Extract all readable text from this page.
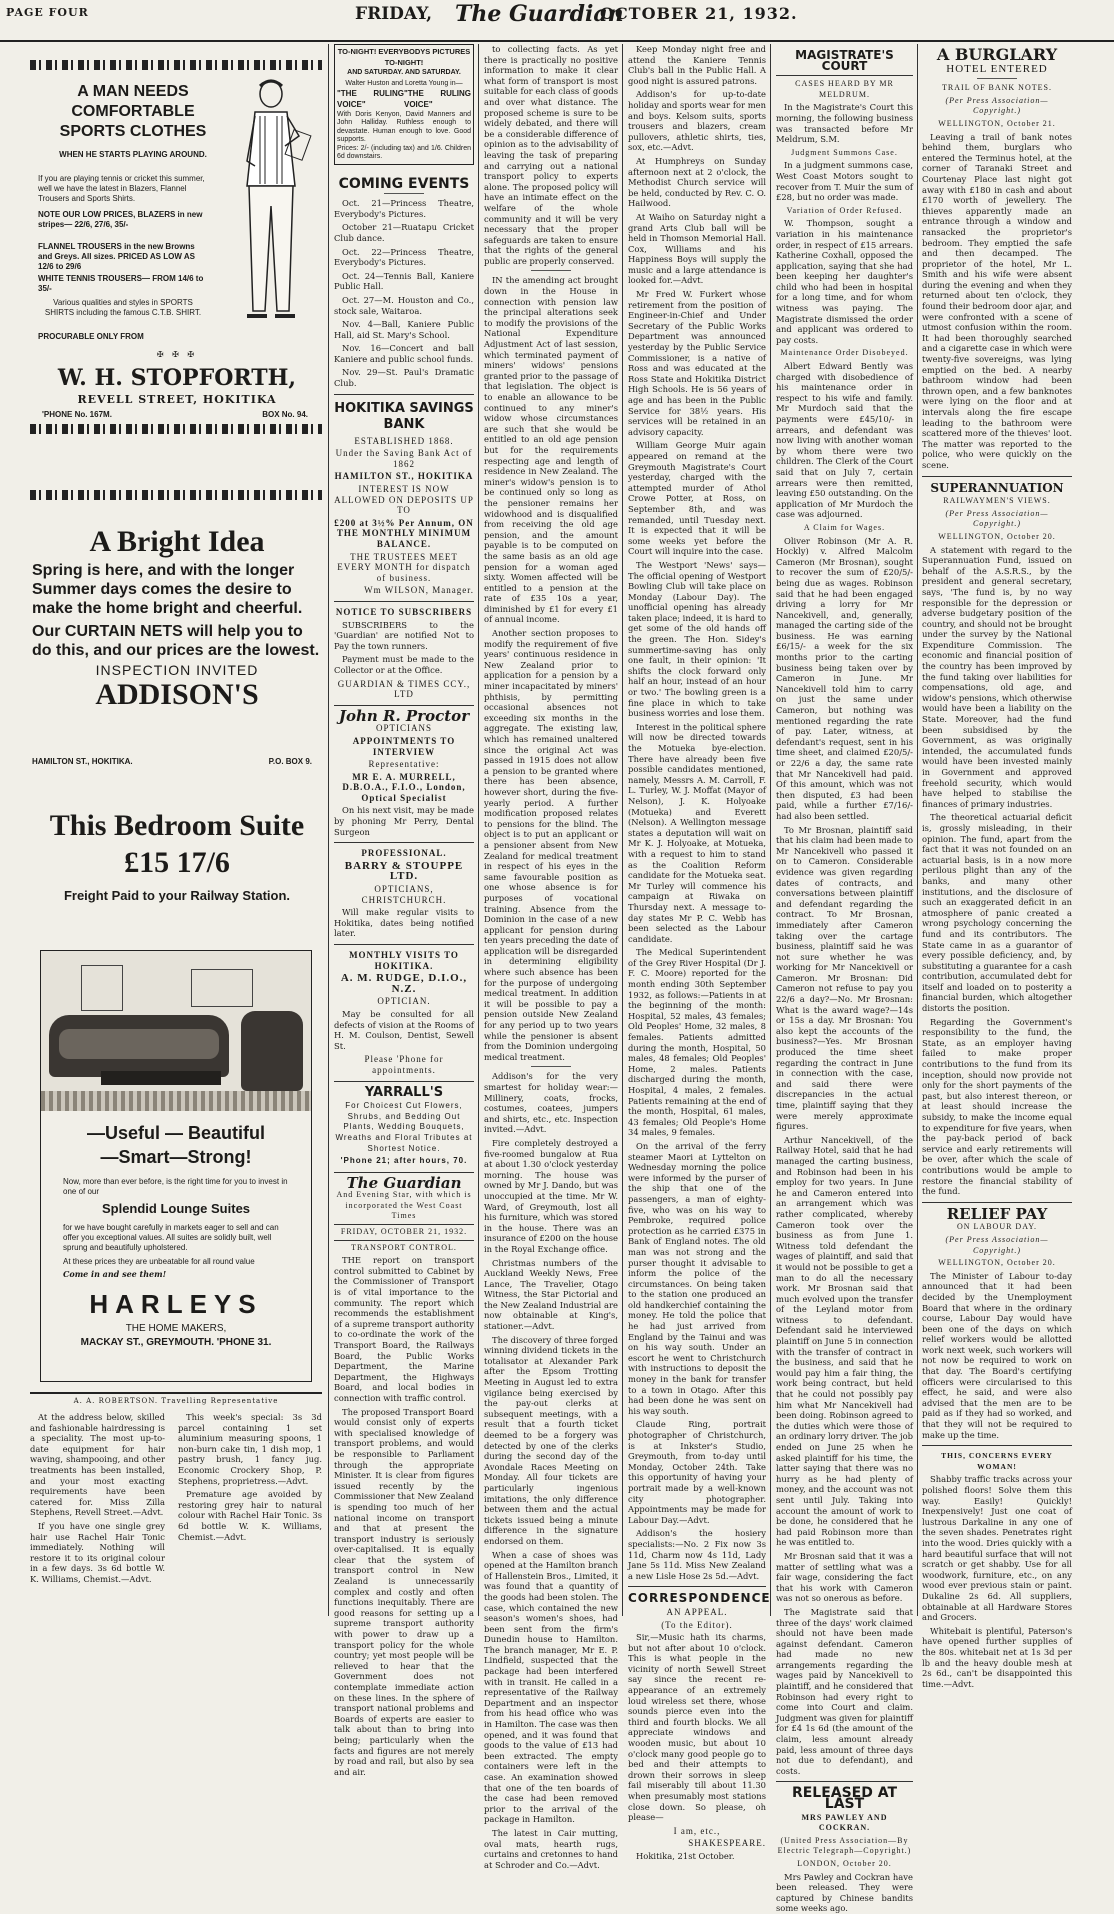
PAGE FOUR	FRIDAY, The Guardian
OCTOBER 21, 1932.
A MAN NEEDS COMFORTABLE SPORTS CLOTHES
WHEN HE STARTS PLAYING AROUND.
If you are playing tennis or cricket this summer, well we have the latest in Blazers, Flannel Trousers and Sports Shirts.
NOTE OUR LOW PRICES, BLAZERS in new stripes— 22/6, 27/6, 35/-
FLANNEL TROUSERS in the new Browns and Greys. All sizes. PRICED AS LOW AS 12/6 to 29/6
WHITE TENNIS TROUSERS— FROM 14/6 to 35/-
Various qualities and styles in SPORTS SHIRTS including the famous C.T.B. SHIRT.
PROCURABLE ONLY FROM
✠ ✠ ✠
W. H. STOPFORTH,
REVELL STREET, HOKITIKA
'PHONE No. 167M.	BOX No. 94.
A Bright Idea
Spring is here, and with the longer Summer days comes the desire to make the home bright and cheerful.
Our CURTAIN NETS will help you to do this, and our prices are the lowest.
INSPECTION INVITED
ADDISON'S
HAMILTON ST., HOKITIKA.	P.O. BOX 9.
This Bedroom Suite
£15 17/6
Freight Paid to your Railway Station.
—Useful — Beautiful
—Smart—Strong!
Now, more than ever before, is the right time for you to invest in one of our
Splendid Lounge Suites
for we have bought carefully in markets eager to sell and can offer you exceptional values. All suites are solidly built, well sprung and beautifully upholstered.
At these prices they are unbeatable for all round value
Come in and see them!
HARLEYS
THE HOME MAKERS,
MACKAY ST., GREYMOUTH. 'PHONE 31.
A. A. ROBERTSON. Travelling Representative

At the address below, skilled and fashionable hairdressing is a speciality. The most up-to-date equipment for hair waving, shampooing, and other treatments has been installed, and your most exacting requirements have been catered for. Miss Zilla Stephens, Revell Street.—Advt.

If you have one single grey hair use Rachel Hair Tonic immediately. Nothing will restore it to its original colour in a few days. 3s 6d bottle W. K. Williams, Chemist.—Advt.

This week's special: 3s 3d parcel containing 1 set aluminium measuring spoons, 1 non-burn cake tin, 1 dish mop, 1 pastry brush, 1 fancy jug. Economic Crockery Shop, P. Stephens, proprietress.—Advt.

Premature age avoided by restoring grey hair to natural colour with Rachel Hair Tonic. 3s 6d bottle W. K. Williams, Chemist.—Advt.

TO-NIGHT! EVERYBODYS PICTURES TO-NIGHT!
AND SATURDAY. AND SATURDAY.
Walter Huston and Loretta Young in—
"THE RULING VOICE"
"THE RULING VOICE"
With Doris Kenyon, David Manners and John Halliday. Ruthless enough to devastate. Human enough to love. Good supports.
Prices: 2/- (including tax) and 1/6. Children 6d downstairs.
COMING EVENTS

Oct. 21—Princess Theatre, Everybody's Pictures.

October 21—Ruatapu Cricket Club dance.

Oct. 22—Princess Theatre, Everybody's Pictures.

Oct. 24—Tennis Ball, Kaniere Public Hall.

Oct. 27—M. Houston and Co., stock sale, Waitaroa.

Nov. 4—Ball, Kaniere Public Hall, aid St. Mary's School.

Nov. 16—Concert and ball Kaniere and public school funds.

Nov. 29—St. Paul's Dramatic Club.

HOKITIKA SAVINGS BANK
ESTABLISHED 1868.
Under the Saving Bank Act of 1862
HAMILTON ST., HOKITIKA
INTEREST IS NOW ALLOWED ON DEPOSITS UP TO
£200 at 3½% Per Annum, ON THE MONTHLY MINIMUM BALANCE.
THE TRUSTEES MEET EVERY MONTH for dispatch of business.
Wm WILSON, Manager.
NOTICE TO SUBSCRIBERS

SUBSCRIBERS to the 'Guardian' are notified Not to Pay the town runners.

Payment must be made to the Collector or at the Office.

GUARDIAN & TIMES CCY., LTD
John R. Proctor
OPTICIANS
APPOINTMENTS TO INTERVIEW
Representative:
MR E. A. MURRELL, D.B.O.A., F.I.O., London, Optical Specialist

On his next visit, may be made by phoning Mr Perry, Dental Surgeon

PROFESSIONAL.
BARRY & STOUPPE LTD.
OPTICIANS, CHRISTCHURCH.

Will make regular visits to Hokitika, dates being notified later.

MONTHLY VISITS TO HOKITIKA.
A. M. RUDGE, D.I.O., N.Z.
OPTICIAN.

May be consulted for all defects of vision at the Rooms of H. M. Coulson, Dentist, Sewell St.

Please 'Phone for appointments.
YARRALL'S
For Choicest Cut Flowers, Shrubs, and Bedding Out Plants, Wedding Bouquets, Wreaths and Floral Tributes at Shortest Notice.
'Phone 21; after hours, 70.
The Guardian
And Evening Star, with which is incorporated the West Coast Times
FRIDAY, OCTOBER 21, 1932.
TRANSPORT CONTROL.

THE report on transport control submitted to Cabinet by the Commissioner of Transport is of vital importance to the community. The report which recommends the establishment of a supreme transport authority to co-ordinate the work of the Transport Board, the Railways Board, the Public Works Department, the Marine Department, the Highways Board, and local bodies in connection with traffic control.

The proposed Transport Board would consist only of experts with specialised knowledge of transport problems, and would be responsible to Parliament through the appropriate Minister. It is clear from figures issued recently by the Commissioner that New Zealand is spending too much of her national income on transport and that at present the transport industry is seriously over-capitalised. It is equally clear that the system of transport control in New Zealand is unnecessarily complex and costly and often functions inequitably. There are good reasons for setting up a supreme transport authority with power to draw up a transport policy for the whole country; yet most people will be relieved to hear that the Government does not contemplate immediate action on these lines. In the sphere of transport national problems and Boards of experts are easier to talk about than to bring into being; particularly when the facts and figures are not merely by road and rail, but also by sea and air.

to collecting facts. As yet there is practically no positive information to make it clear what form of transport is most suitable for each class of goods and over what distance. The proposed scheme is sure to be widely debated, and there will be a considerable difference of opinion as to the advisability of leaving the task of preparing and carrying out a national transport policy to experts alone. The proposed policy will have an intimate effect on the welfare of the whole community and it will be very necessary that the proper safeguards are taken to ensure that the rights of the general public are properly conserved.

IN the amending act brought down in the House in connection with pension law the principal alterations seek to modify the provisions of the National Expenditure Adjustment Act of last session, which terminated payment of miners' widows' pensions granted prior to the passage of that legislation. The object is to enable an allowance to be continued to any miner's widow whose circumstances are such that she would be entitled to an old age pension but for the requirements respecting age and length of residence in New Zealand. The miner's widow's pension is to be continued only so long as the pensioner remains her widowhood and is disqualified from receiving the old age pension, and the amount payable is to be computed on the same basis as an old age pension for a woman aged sixty. Women affected will be entitled to a pension at the rate of £35 10s a year, diminished by £1 for every £1 of annual income.

Another section proposes to modify the requirement of five years' continuous residence in New Zealand prior to application for a pension by a miner incapacitated by miners' phthisis, by permitting occasional absences not exceeding six months in the aggregate. The existing law, which has remained unaltered since the original Act was passed in 1915 does not allow a pension to be granted where there has been absence, however short, during the five-yearly period. A further modification proposed relates to pensions for the blind. The object is to put an applicant or a pensioner absent from New Zealand for medical treatment in respect of his eyes in the same favourable position as one whose absence is for purposes of vocational training. Absence from the Dominion in the case of a new applicant for pension during ten years preceding the date of application will be disregarded in determining eligibility where such absence has been for the purpose of undergoing medical treatment. In addition it will be possible to pay a pension outside New Zealand for any period up to two years while the pensioner is absent from the Dominion undergoing medical treatment.

Addison's for the very smartest for holiday wear:—Millinery, coats, frocks, costumes, coatees, jumpers and shirts, etc., etc. Inspection invited.—Advt.

Fire completely destroyed a five-roomed bungalow at Rua at about 1.30 o'clock yesterday morning. The house was owned by Mr J. Dando, but was unoccupied at the time. Mr W. Ward, of Greymouth, lost all his furniture, which was stored in the house. There was an insurance of £200 on the house in the Royal Exchange office.

Christmas numbers of the Auckland Weekly News, Free Lance, The Travelier, Otago Witness, the Star Pictorial and the New Zealand Industrial are now obtainable at King's, stationer.—Advt.

The discovery of three forged winning dividend tickets in the totalisator at Alexander Park after the Epsom Trotting Meeting in August led to extra vigilance being exercised by the pay-out clerks at subsequent meetings, with a result that a fourth ticket deemed to be a forgery was detected by one of the clerks during the second day of the Avondale Races Meeting on Monday. All four tickets are particularly ingenious imitations, the only difference between them and the actual tickets issued being a minute difference in the signature endorsed on them.

When a case of shoes was opened at the Hamilton branch of Hallenstein Bros., Limited, it was found that a quantity of the goods had been stolen. The case, which contained the new season's women's shoes, had been sent from the firm's Dunedin house to Hamilton. The branch manager, Mr E. P. Lindfield, suspected that the package had been interfered with in transit. He called in a representative of the Railway Department and an inspector from his head office who was in Hamilton. The case was then opened, and it was found that goods to the value of £13 had been extracted. The empty containers were left in the case. An examination showed that one of the ten boards of the case had been removed prior to the arrival of the package in Hamilton.

The latest in Cair mutting, oval mats, hearth rugs, curtains and cretonnes to hand at Schroder and Co.—Advt.

Keep Monday night free and attend the Kaniere Tennis Club's ball in the Public Hall. A good night is assured patrons.

Addison's for up-to-date holiday and sports wear for men and boys. Kelsom suits, sports trousers and blazers, cream pullovers, athletic shirts, ties, sox, etc.—Advt.

At Humphreys on Sunday afternoon next at 2 o'clock, the Methodist Church service will be held, conducted by Rev. C. O. Hailwood.

At Waiho on Saturday night a grand Arts Club ball will be held in Thomson Memorial Hall. Cox, Williams and his Happiness Boys will supply the music and a large attendance is looked for.—Advt.

Mr Fred W. Furkert whose retirement from the position of Engineer-in-Chief and Under Secretary of the Public Works Department was announced yesterday by the Public Service Commissioner, is a native of Ross and was educated at the Ross State and Hokitika District High Schools. He is 56 years of age and has been in the Public Service for 38½ years. His services will be retained in an advisory capacity.

William George Muir again appeared on remand at the Greymouth Magistrate's Court yesterday, charged with the attempted murder of Athol Crowe Potter, at Ross, on September 8th, and was remanded, until Tuesday next. It is expected that it will be some weeks yet before the Court will inquire into the case.

The Westport 'News' says—The official opening of Westport Bowling Club will take place on Monday (Labour Day). The unofficial opening has already taken place; indeed, it is hard to get some of the old hands off the green. The Hon. Sidey's summertime-saving has only one fault, in their opinion: 'It shifts the clock forward only half an hour, instead of an hour or two.' The bowling green is a fine place in which to take business worries and lose them.

Interest in the political sphere will now be directed towards the Motueka bye-election. There have already been five possible candidates mentioned, namely, Messrs A. M. Carroll, F. L. Turley, W. J. Moffat (Mayor of Nelson), J. K. Holyoake (Motueka) and Everett (Nelson). A Wellington message states a deputation will wait on Mr K. J. Holyoake, at Motueka, with a request to him to stand as the Coalition Reform candidate for the Motueka seat. Mr Turley will commence his campaign at Riwaka on Thursday next. A message to-day states Mr P. C. Webb has been selected as the Labour candidate.

The Medical Superintendent of the Grey River Hospital (Dr J. F. C. Moore) reported for the month ending 30th September 1932, as follows:—Patients in at the beginning of the month: Hospital, 52 males, 43 females; Old Peoples' Home, 32 males, 8 females. Patients admitted during the month, Hospital, 50 males, 48 females; Old Peoples' Home, 2 males. Patients discharged during the month, Hospital, 4 males, 2 females. Patients remaining at the end of the month, Hospital, 61 males, 43 females; Old People's Home 34 males, 9 females.

On the arrival of the ferry steamer Maori at Lyttelton on Wednesday morning the police were informed by the purser of the ship that one of the passengers, a man of eighty-five, who was on his way to Pembroke, required police protection as he carried £375 in Bank of England notes. The old man was not strong and the purser thought it advisable to inform the police of the circumstances. On being taken to the station one produced an old handkerchief containing the money. He told the police that he had just arrived from England by the Tainui and was on his way south. Under an escort he went to Christchurch with instructions to deposit the money in the bank for transfer to a town in Otago. After this had been done he was sent on his way south.

Claude Ring, portrait photographer of Christchurch, is at Inkster's Studio, Greymouth, from to-day until Monday, October 24th. Take this opportunity of having your portrait made by a well-known city photographer. Appointments may be made for Labour Day.—Advt.

Addison's the hosiery specialists:—No. 2 Fix now 3s 11d, Charm now 4s 11d, Lady Jane 5s 11d. Miss New Zealand a new Lisle Hose 2s 5d.—Advt.

CORRESPONDENCE
AN APPEAL.
(To the Editor).

Sir,—Music hath its charms, but not after about 10 o'clock. This is what people in the vicinity of north Sewell Street say since the recent re-appearance of an extremely loud wireless set there, whose sounds pierce even into the third and fourth blocks. We all appreciate windows and wooden music, but about 10 o'clock many good people go to bed and their attempts to drown their sorrows in sleep fail miserably till about 11.30 when presumably most stations close down. So please, oh please—

I am, etc.,
SHAKESPEARE.

Hokitika, 21st October.

MAGISTRATE'S COURT
CASES HEARD BY MR MELDRUM.

In the Magistrate's Court this morning, the following business was transacted before Mr Meldrum, S.M.

Judgment Summons Case.

In a judgment summons case, West Coast Motors sought to recover from T. Muir the sum of £28, but no order was made.

Variation of Order Refused.

W. Thompson, sought a variation in his maintenance order, in respect of £15 arrears. Katherine Coxhall, opposed the application, saying that she had been keeping her daughter's child who had been in hospital for a long time, and for whom witness was paying. The Magistrate dismissed the order and applicant was ordered to pay costs.

Maintenance Order Disobeyed.

Albert Edward Bently was charged with disobedience of his maintenance order in respect to his wife and family. Mr Murdoch said that the payments were £45/10/- in arrears, and defendant was now living with another woman by whom there were two children. The Clerk of the Court said that on July 7, certain arrears were then remitted, leaving £50 outstanding. On the application of Mr Murdoch the case was adjourned.

A Claim for Wages.

Oliver Robinson (Mr A. R. Hockly) v. Alfred Malcolm Cameron (Mr Brosnan), sought to recover the sum of £20/5/- being due as wages. Robinson said that he had been engaged driving a lorry for Mr Nancekivell, and, generally, managed the carting side of the business. He was earning £6/15/- a week for the six months prior to the carting business being taken over by Cameron in June. Mr Nancekivell told him to carry on just the same under Cameron, but nothing was mentioned regarding the rate of pay. Later, witness, at defendant's request, sent in his time sheet, and claimed £20/5/- or 22/6 a day, the same rate that Mr Nancekivell had paid. Of this amount, which was not then disputed, £3 had been paid, while a further £7/16/- had also been settled.

To Mr Brosnan, plaintiff said that his claim had been made to Mr Nancekivell who passed it on to Cameron. Considerable evidence was given regarding dates of contracts, and conversations between plaintiff and defendant regarding the contract. To Mr Brosnan, immediately after Cameron taking over the cartage business, plaintiff said he was not sure whether he was working for Mr Nancekivell or Cameron. Mr Brosnan: Did Cameron not refuse to pay you 22/6 a day?—No. Mr Brosnan: What is the award wage?—14s or 15s a day. Mr Brosnan: You also kept the accounts of the business?—Yes. Mr Brosnan produced the time sheet regarding the contract in June in connection with the case, and said there were discrepancies in the actual time, plaintiff saying that they were merely approximate figures.

Arthur Nancekivell, of the Railway Hotel, said that he had managed the carting business, and Robinson had been in his employ for two years. In June he and Cameron entered into an arrangement which was rather complicated, whereby Cameron took over the business as from June 1. Witness told defendant the wages of plaintiff, and said that it would not be possible to get a man to do all the necessary work. Mr Brosnan said that much evolved upon the transfer of the Leyland motor from witness to defendant. Defendant said he interviewed plaintiff on June 5 in connection with the transfer of contract in the business, and said that he would pay him a fair thing, the work being contract, but held that he could not possibly pay him what Mr Nancekivell had been doing. Robinson agreed to the duties which were those of an ordinary lorry driver. The job ended on June 25 when he asked plaintiff for his time, the latter saying that there was no hurry as he had plenty of money, and the account was not sent until July. Taking into account the amount of work to be done, he considered that he had paid Robinson more than he was entitled to.

Mr Brosnan said that it was a matter of settling what was a fair wage, considering the fact that his work with Cameron was not so onerous as before.

The Magistrate said that three of the days' work claimed should not have been made against defendant. Cameron had made no new arrangements regarding the wages paid by Nancekivell to plaintiff, and he considered that Robinson had every right to come into Court and claim. Judgment was given for plaintiff for £4 1s 6d (the amount of the claim, less amount already paid, less amount of three days not due to defendant), and costs.

RELEASED AT LAST
MRS PAWLEY AND COCKRAN.
(United Press Association—By Electric Telegraph—Copyright.)
LONDON, October 20.

Mrs Pawley and Cockran have been released. They were captured by Chinese bandits some weeks ago.

A BURGLARY
HOTEL ENTERED
TRAIL OF BANK NOTES.
(Per Press Association— Copyright.)
WELLINGTON, October 21.

Leaving a trail of bank notes behind them, burglars who entered the Terminus hotel, at the corner of Taranaki Street and Courtenay Place last night got away with £180 in cash and about £170 worth of jewellery. The thieves apparently made an entrance through a window and ransacked the proprietor's bedroom. They emptied the safe and then decamped. The proprietor of the hotel, Mr L. Smith and his wife were absent during the evening and when they returned about ten o'clock, they found their bedroom door ajar, and were confronted with a scene of utmost confusion within the room. It had been thoroughly searched and a cigarette case in which were twenty-five sovereigns, was lying emptied on the bed. A nearby bathroom window had been thrown open, and a few banknotes were lying on the floor and at intervals along the fire escape leading to the bathroom were scattered more of the thieves' loot. The matter was reported to the police, who were quickly on the scene.

SUPERANNUATION
RAILWAYMEN'S VIEWS.
(Per Press Association— Copyright.)
WELLINGTON, October 20.

A statement with regard to the Superannuation Fund, issued on behalf of the A.S.R.S., by the president and general secretary, says, 'The fund is, by no way responsible for the depression or adverse budgetary position of the country, and should not be brought under the survey by the National Expenditure Commission. The economic and financial position of the country has been improved by the fund taking over liabilities for compensations, old age, and widow's pensions, which otherwise would have been a liability on the State. Moreover, had the fund been subsidised by the Government, as was originally intended, the accumulated funds would have been invested mainly in Government and approved freehold security, which would have helped to stabilise the finances of primary industries.

The theoretical actuarial deficit is, grossly misleading, in their opinion. The fund, apart from the fact that it was not founded on an actuarial basis, is in a now more perilous plight than any of the banks, and many other institutions, and the disclosure of such an exaggerated deficit in an atmosphere of panic created a wrong psychology concerning the fund and its contributors. The State came in as a guarantor of every possible deficiency, and, by substituting a guarantee for a cash contribution, accumulated debt for itself and loaded on to posterity a financial burden, which altogether distorts the position.

Regarding the Government's responsibility to the fund, the State, as an employer having failed to make proper contributions to the fund from its inception, should now provide not only for the short payments of the past, but also interest thereon, or at least should increase the subsidy, to make the income equal to expenditure for five years, when the pay-back period of back service and early retirements will be over, after which the scale of contributions would be ample to restore the financial stability of the fund.

RELIEF PAY
ON LABOUR DAY.
(Per Press Association— Copyright.)
WELLINGTON, October 20.

The Minister of Labour to-day announced that it had been decided by the Unemployment Board that where in the ordinary course, Labour Day would have been one of the days on which relief workers would be allotted work next week, such workers will not now be required to work on that day. The Board's certifying officers were circularised to this effect, he said, and were also advised that the men are to be paid as if they had so worked, and that they will not be required to make up the time.

THIS, CONCERNS EVERY WOMAN!

Shabby traffic tracks across your polished floors! Solve them this way. Easily! Quickly! Inexpensively! Just one coat of lustrous Darkaline in any one of the seven shades. Penetrates right into the wood. Dries quickly with a hard beautiful surface that will not scratch or get shabby. Use for all woodwork, furniture, etc., on any wood ever previous stain or paint. Dukaline 2s 6d. All suppliers, obtainable at all Hardware Stores and Grocers.

Whitebait is plentiful, Paterson's have opened further supplies of the 80s. whitebait net at 1s 3d per lb and the heavy double mesh at 2s 6d., can't be disappointed this time.—Advt.
